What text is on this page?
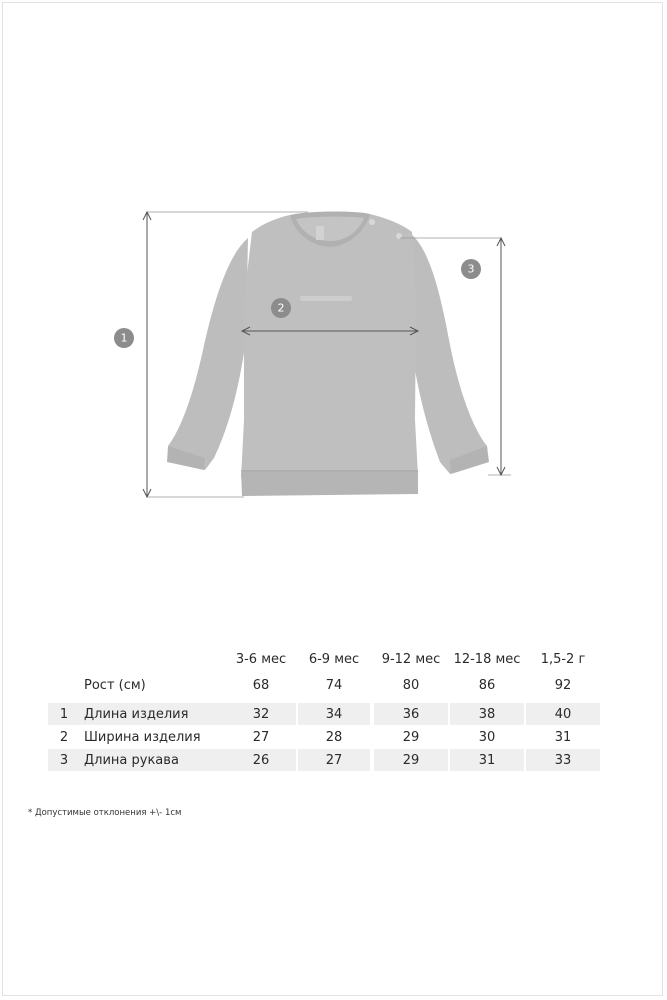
1
2
3
3-6 мес	6-9 мес	9-12 мес	12-18 мес	1,5-2 г
Рост (см)	68	74	80	86	92
1	Длина изделия	32	34	36	38	40
2	Ширина изделия	27	28	29	30	31
3	Длина рукава	26	27	29	31	33
* Допустимые отклонения +\- 1см
